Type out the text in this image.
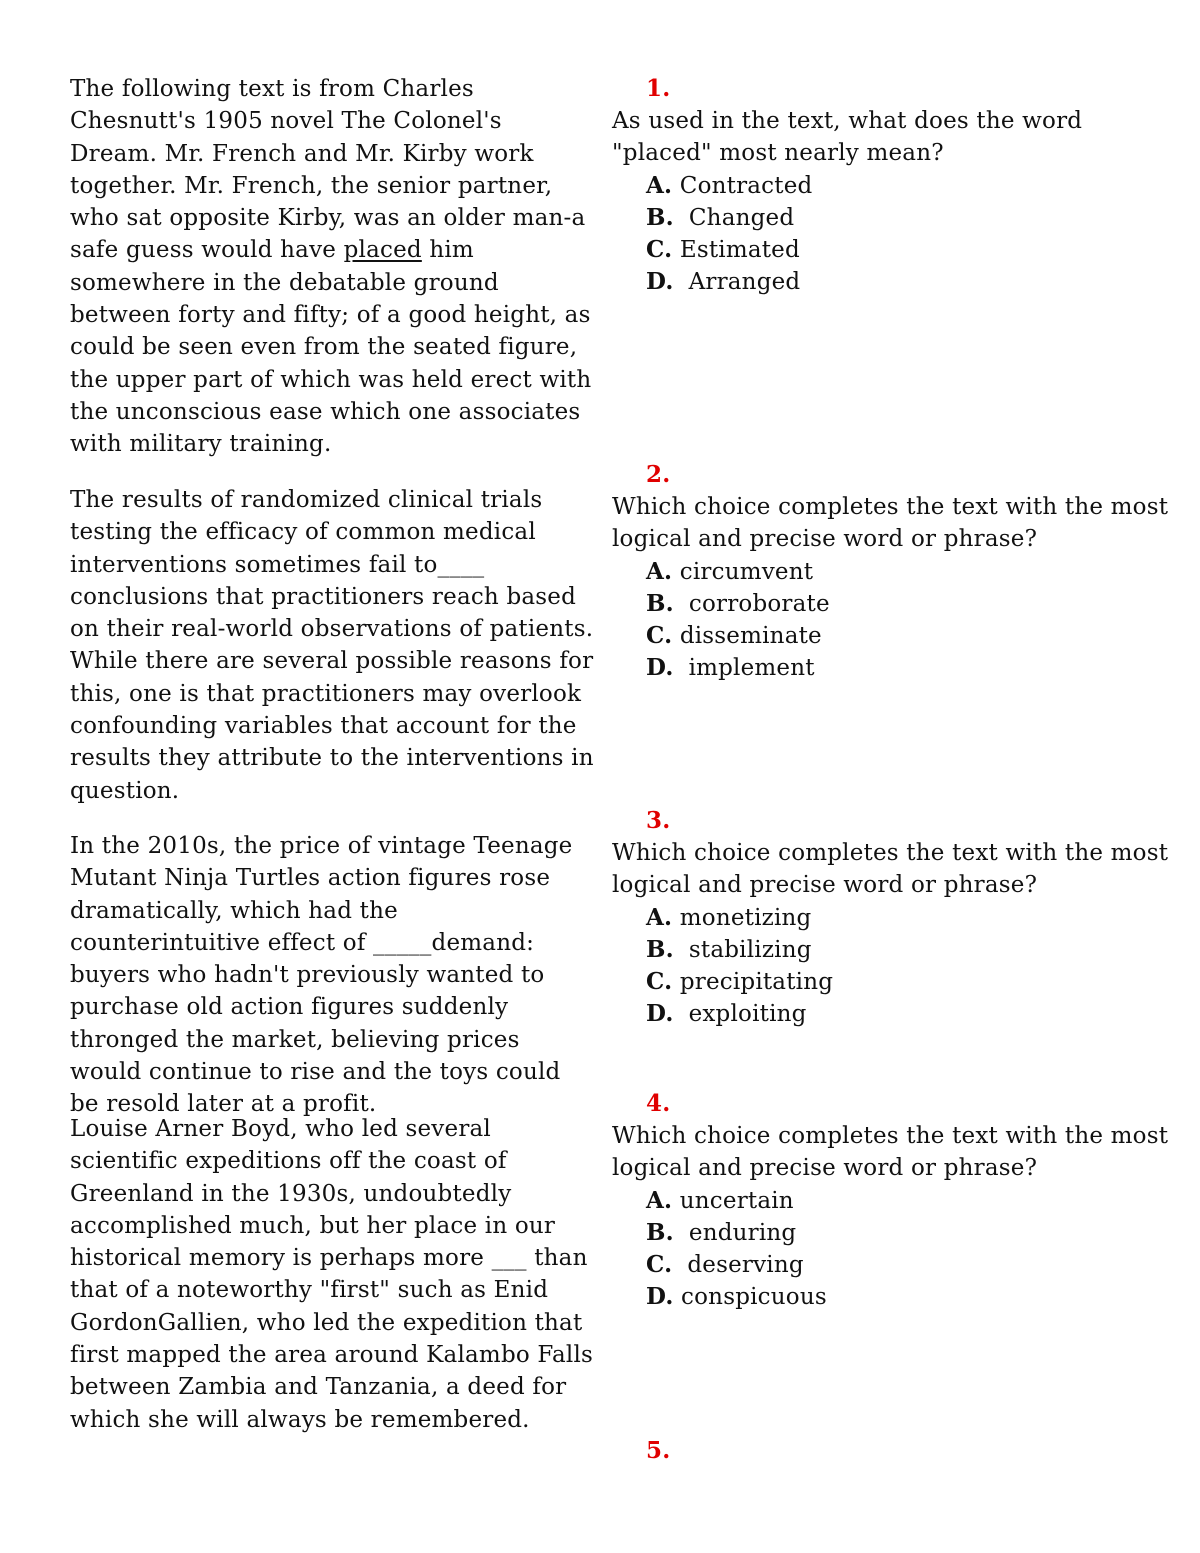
The following text is from Charles Chesnutt's 1905 novel The Colonel's Dream. Mr. French and Mr. Kirby work together. Mr. French, the senior partner, who sat opposite Kirby, was an older man-a safe guess would have placed him somewhere in the debatable ground between forty and fifty; of a good height, as could be seen even from the seated figure, the upper part of which was held erect with the unconscious ease which one associates with military training.

The results of randomized clinical trials testing the efficacy of common medical interventions sometimes fail to____ conclusions that practitioners reach based on their real-world observations of patients. While there are several possible reasons for this, one is that practitioners may overlook confounding variables that account for the results they attribute to the interventions in question.

In the 2010s, the price of vintage Teenage Mutant Ninja Turtles action figures rose dramatically, which had the counterintuitive effect of _____demand: buyers who hadn't previously wanted to purchase old action figures suddenly thronged the market, believing prices would continue to rise and the toys could be resold later at a profit.

Louise Arner Boyd, who led several scientific expeditions off the coast of Greenland in the 1930s, undoubtedly accomplished much, but her place in our historical memory is perhaps more ___ than that of a noteworthy "first" such as Enid GordonGallien, who led the expedition that first mapped the area around Kalambo Falls between Zambia and Tanzania, a deed for which she will always be remembered.

1.

As used in the text, what does the word "placed" most nearly mean?

A. Contracted
B.  Changed
C. Estimated
D.  Arranged

2.

Which choice completes the text with the most logical and precise word or phrase?

A. circumvent
B.  corroborate
C. disseminate
D.  implement

3.

Which choice completes the text with the most logical and precise word or phrase?

A. monetizing
B.  stabilizing
C. precipitating
D.  exploiting

4.

Which choice completes the text with the most logical and precise word or phrase?

A. uncertain
B.  enduring
C.  deserving
D. conspicuous

5.
